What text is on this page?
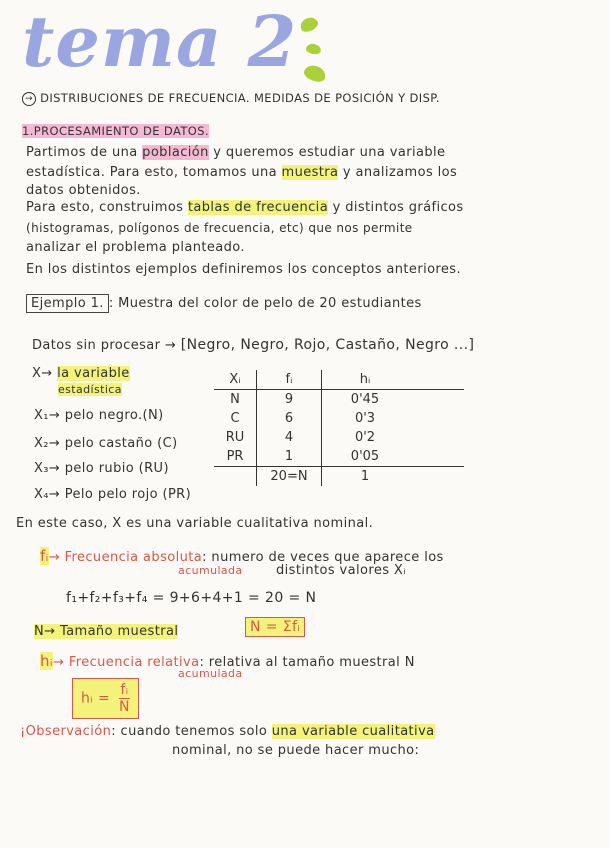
tema 2
→ DISTRIBUCIONES DE FRECUENCIA. MEDIDAS DE POSICIÓN Y DISP.
1.PROCESAMIENTO DE DATOS.
Partimos de una población y queremos estudiar una variable
estadística. Para esto, tomamos una muestra y analizamos los
datos obtenidos.
Para esto, construimos tablas de frecuencia y distintos gráficos
(histogramas, polígonos de frecuencia, etc) que nos permite
analizar el problema planteado.
En los distintos ejemplos definiremos los conceptos anteriores.
Ejemplo 1. : Muestra del color de pelo de 20 estudiantes
Datos sin procesar → [Negro, Negro, Rojo, Castaño, Negro ...]
X→ la variable
estadística
X₁→ pelo negro.(N)
X₂→ pelo castaño (C)
X₃→ pelo rubio (RU)
X₄→ Pelo pelo rojo (PR)
Xᵢ	fᵢ	hᵢ	
N	9	0'45	
C	6	0'3	
RU	4	0'2	
PR	1	0'05	
	20=N	1	
En este caso, X es una variable cualitativa nominal.
fᵢ→ Frecuencia absoluta: numero de veces que aparece los
acumulada	distintos valores Xᵢ
f₁+f₂+f₃+f₄ = 9+6+4+1 = 20 = N
N→ Tamaño muestral	N = Σfᵢ
hᵢ→ Frecuencia relativa: relativa al tamaño muestral N
acumulada
hᵢ = $\frac{\text{fᵢ}}{N}$
¡Observación: cuando tenemos solo una variable cualitativa
nominal, no se puede hacer mucho:
